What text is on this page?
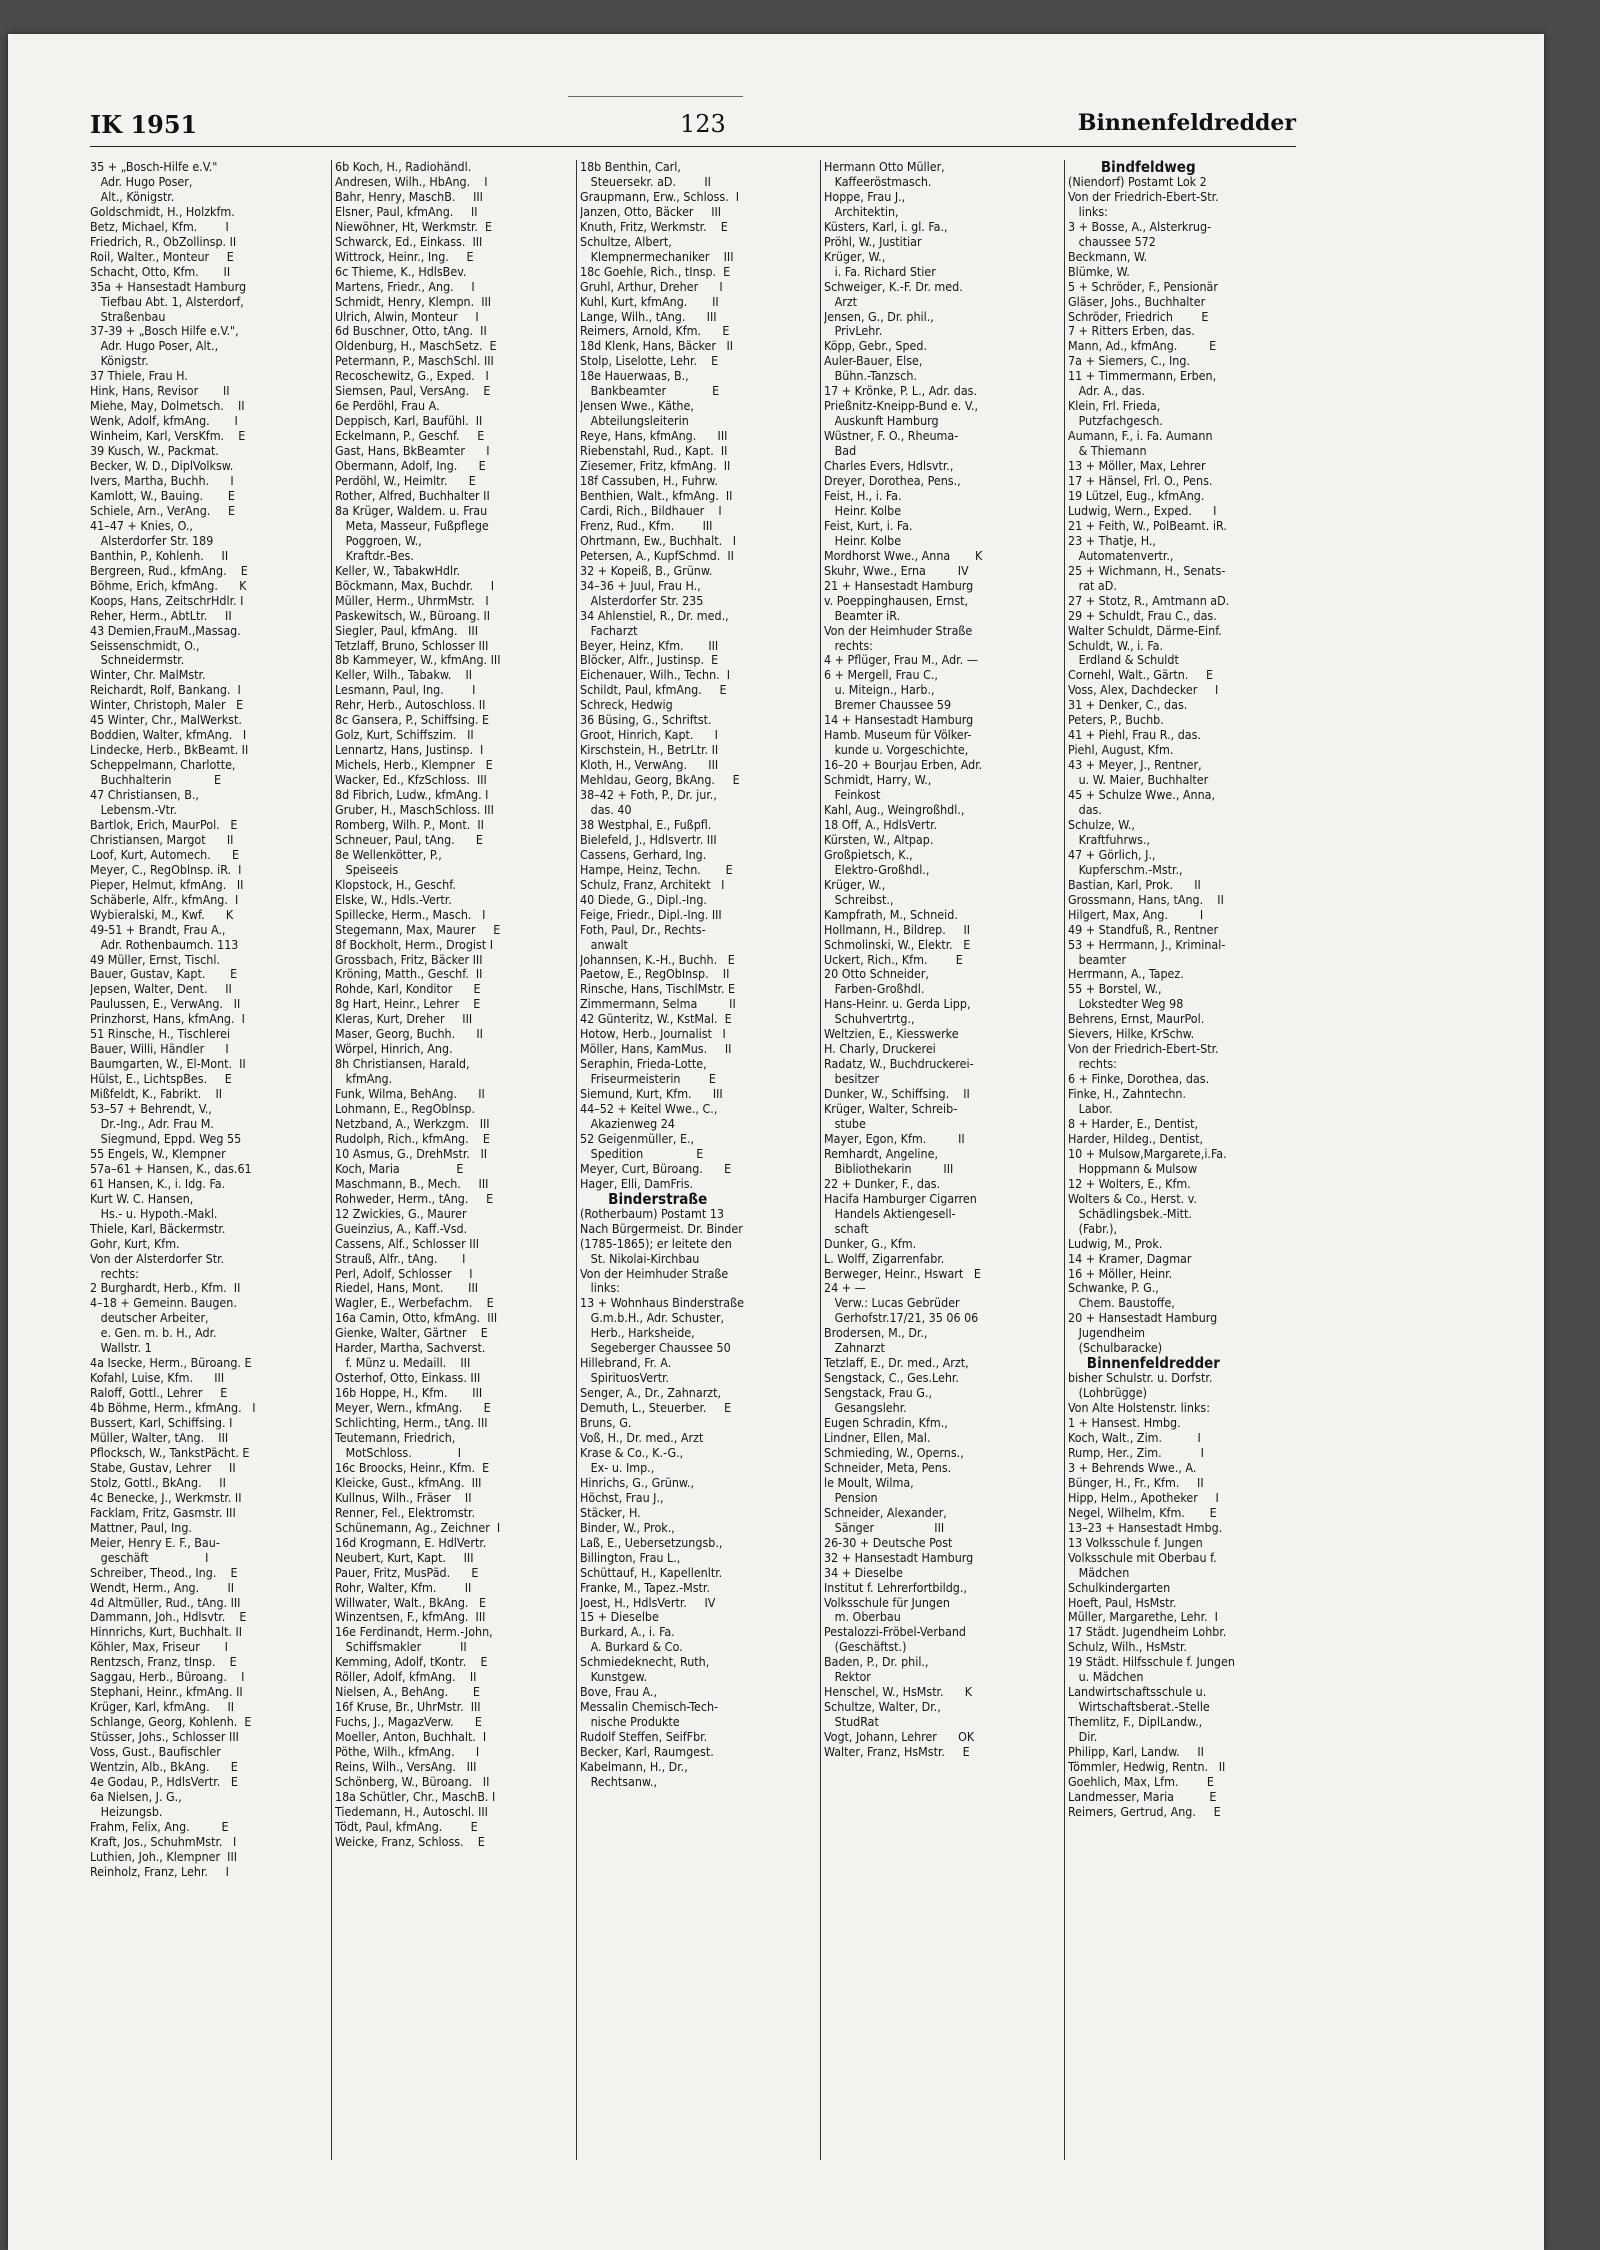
IK 1951	123	Binnenfeldredder
35 + „Bosch-Hilfe e.V."
Adr. Hugo Poser,
Alt., Königstr.
Goldschmidt, H., Holzkfm.
Betz, Michael, Kfm.        I
Friedrich, R., ObZollinsp. II
Roil, Walter., Monteur     E
Schacht, Otto, Kfm.       II
35a + Hansestadt Hamburg
Tiefbau Abt. 1, Alsterdorf,
Straßenbau
37-39 + „Bosch Hilfe e.V.",
Adr. Hugo Poser, Alt.,
Königstr.
37 Thiele, Frau H.
Hink, Hans, Revisor       II
Miehe, May, Dolmetsch.    II
Wenk, Adolf, kfmAng.       I
Winheim, Karl, VersKfm.    E
39 Kusch, W., Packmat.
Becker, W. D., DiplVolksw.
Ivers, Martha, Buchh.      I
Kamlott, W., Bauing.       E
Schiele, Arn., VerAng.     E
41–47 + Knies, O.,
Alsterdorfer Str. 189
Banthin, P., Kohlenh.     II
Bergreen, Rud., kfmAng.    E
Böhme, Erich, kfmAng.      K
Koops, Hans, ZeitschrHdlr. I
Reher, Herm., AbtLtr.     II
43 Demien,FrauM.,Massag.
Seissenschmidt, O.,
Schneidermstr.
Winter, Chr. MalMstr.
Reichardt, Rolf, Bankang.  I
Winter, Christoph, Maler   E
45 Winter, Chr., MalWerkst.
Boddien, Walter, kfmAng.   I
Lindecke, Herb., BkBeamt. II
Scheppelmann, Charlotte,
Buchhalterin            E
47 Christiansen, B.,
Lebensm.-Vtr.
Bartlok, Erich, MaurPol.   E
Christiansen, Margot      II
Loof, Kurt, Automech.      E
Meyer, C., RegOblnsp. iR.  I
Pieper, Helmut, kfmAng.   II
Schäberle, Alfr., kfmAng.  I
Wybieralski, M., Kwf.      K
49-51 + Brandt, Frau A.,
Adr. Rothenbaumch. 113
49 Müller, Ernst, Tischl.
Bauer, Gustav, Kapt.       E
Jepsen, Walter, Dent.     II
Paulussen, E., VerwAng.   II
Prinzhorst, Hans, kfmAng.  I
51 Rinsche, H., Tischlerei
Bauer, Willi, Händler      I
Baumgarten, W., El-Mont.  II
Hülst, E., LichtspBes.     E
Mißfeldt, K., Fabrikt.    II
53–57 + Behrendt, V.,
Dr.-Ing., Adr. Frau M.
Siegmund, Eppd. Weg 55
55 Engels, W., Klempner
57a–61 + Hansen, K., das.61
61 Hansen, K., i. Idg. Fa.
Kurt W. C. Hansen,
Hs.- u. Hypoth.-Makl.
Thiele, Karl, Bäckermstr.
Gohr, Kurt, Kfm.
Von der Alsterdorfer Str.
rechts:
2 Burghardt, Herb., Kfm.  II
4–18 + Gemeinn. Baugen.
deutscher Arbeiter,
e. Gen. m. b. H., Adr.
Wallstr. 1
4a Isecke, Herm., Büroang. E
Kofahl, Luise, Kfm.      III
Raloff, Gottl., Lehrer     E
4b Böhme, Herm., kfmAng.   I
Bussert, Karl, Schiffsing. I
Müller, Walter, tAng.    III
Pflocksch, W., TankstPächt. E
Stabe, Gustav, Lehrer     II
Stolz, Gottl., BkAng.     II
4c Benecke, J., Werkmstr. II
Facklam, Fritz, Gasmstr. III
Mattner, Paul, Ing.
Meier, Henry E. F., Bau-
geschäft                I
Schreiber, Theod., Ing.    E
Wendt, Herm., Ang.        II
4d Altmüller, Rud., tAng. III
Dammann, Joh., Hdlsvtr.    E
Hinnrichs, Kurt, Buchhalt. II
Köhler, Max, Friseur       I
Rentzsch, Franz, tInsp.    E
Saggau, Herb., Büroang.    I
Stephani, Heinr., kfmAng. II
Krüger, Karl, kfmAng.     II
Schlange, Georg, Kohlenh.  E
Stüsser, Johs., Schlosser III
Voss, Gust., Baufischler
Wentzin, Alb., BkAng.      E
4e Godau, P., HdlsVertr.   E
6a Nielsen, J. G.,
Heizungsb.
Frahm, Felix, Ang.         E
Kraft, Jos., SchuhmMstr.   I
Luthien, Joh., Klempner  III
Reinholz, Franz, Lehr.     I
6b Koch, H., Radiohändl.
Andresen, Wilh., HbAng.    I
Bahr, Henry, MaschB.     III
Elsner, Paul, kfmAng.     II
Niewöhner, Ht, Werkmstr.  E
Schwarck, Ed., Einkass.  III
Wittrock, Heinr., Ing.     E
6c Thieme, K., HdlsBev.
Martens, Friedr., Ang.     I
Schmidt, Henry, Klempn.  III
Ulrich, Alwin, Monteur     I
6d Buschner, Otto, tAng.  II
Oldenburg, H., MaschSetz.  E
Petermann, P., MaschSchl. III
Recoschewitz, G., Exped.   I
Siemsen, Paul, VersAng.    E
6e Perdöhl, Frau A.
Deppisch, Karl, Baufühl.  II
Eckelmann, P., Geschf.     E
Gast, Hans, BkBeamter      I
Obermann, Adolf, Ing.      E
Perdöhl, W., Heimltr.      E
Rother, Alfred, Buchhalter II
8a Krüger, Waldem. u. Frau
Meta, Masseur, Fußpflege
Poggroen, W.,
Kraftdr.-Bes.
Keller, W., TabakwHdlr.
Böckmann, Max, Buchdr.     I
Müller, Herm., UhrmMstr.   I
Paskewitsch, W., Büroang. II
Siegler, Paul, kfmAng.   III
Tetzlaff, Bruno, Schlosser III
8b Kammeyer, W., kfmAng. III
Keller, Wilh., Tabakw.    II
Lesmann, Paul, Ing.        I
Rehr, Herb., Autoschloss. II
8c Gansera, P., Schiffsing. E
Golz, Kurt, Schiffszim.   II
Lennartz, Hans, Justinsp.  I
Michels, Herb., Klempner   E
Wacker, Ed., KfzSchloss.  III
8d Fibrich, Ludw., kfmAng. I
Gruber, H., MaschSchloss. III
Romberg, Wilh. P., Mont.  II
Schneuer, Paul, tAng.      E
8e Wellenkötter, P.,
Speiseeis
Klopstock, H., Geschf.
Elske, W., Hdls.-Vertr.
Spillecke, Herm., Masch.   I
Stegemann, Max, Maurer     E
8f Bockholt, Herm., Drogist I
Grossbach, Fritz, Bäcker III
Kröning, Matth., Geschf.  II
Rohde, Karl, Konditor      E
8g Hart, Heinr., Lehrer    E
Kleras, Kurt, Dreher     III
Maser, Georg, Buchh.      II
Wörpel, Hinrich, Ang.
8h Christiansen, Harald,
kfmAng.
Funk, Wilma, BehAng.      II
Lohmann, E., RegOblnsp.
Netzband, A., Werkzgm.   III
Rudolph, Rich., kfmAng.    E
10 Asmus, G., DrehMstr.   II
Koch, Maria                E
Maschmann, B., Mech.     III
Rohweder, Herm., tAng.     E
12 Zwickies, G., Maurer
Gueinzius, A., Kaff.-Vsd.
Cassens, Alf., Schlosser III
Strauß, Alfr., tAng.       I
Perl, Adolf, Schlosser     I
Riedel, Hans, Mont.       III
Wagler, E., Werbefachm.    E
16a Camin, Otto, kfmAng.  III
Gienke, Walter, Gärtner    E
Harder, Martha, Sachverst.
f. Münz u. Medaill.    III
Osterhof, Otto, Einkass. III
16b Hoppe, H., Kfm.       III
Meyer, Wern., kfmAng.      E
Schlichting, Herm., tAng. III
Teutemann, Friedrich,
MotSchloss.             I
16c Broocks, Heinr., Kfm.  E
Kleicke, Gust., kfmAng.  III
Kullnus, Wilh., Fräser    II
Renner, Fel., Elektromstr.
Schünemann, Ag., Zeichner  I
16d Krogmann, E. HdlVertr.
Neubert, Kurt, Kapt.     III
Pauer, Fritz, MusPäd.      E
Rohr, Walter, Kfm.        II
Willwater, Walt., BkAng.   E
Winzentsen, F., kfmAng.  III
16e Ferdinandt, Herm.-John,
Schiffsmakler           II
Kemming, Adolf, tKontr.    E
Röller, Adolf, kfmAng.    II
Nielsen, A., BehAng.       E
16f Kruse, Br., UhrMstr.  III
Fuchs, J., MagazVerw.      E
Moeller, Anton, Buchhalt.  I
Pöthe, Wilh., kfmAng.      I
Reins, Wilh., VersAng.   III
Schönberg, W., Büroang.   II
18a Schütler, Chr., MaschB. I
Tiedemann, H., Autoschl. III
Tödt, Paul, kfmAng.        E
Weicke, Franz, Schloss.    E
18b Benthin, Carl,
Steuersekr. aD.        II
Graupmann, Erw., Schloss.  I
Janzen, Otto, Bäcker     III
Knuth, Fritz, Werkmstr.    E
Schultze, Albert,
Klempnermechaniker    III
18c Goehle, Rich., tInsp.  E
Gruhl, Arthur, Dreher      I
Kuhl, Kurt, kfmAng.       II
Lange, Wilh., tAng.      III
Reimers, Arnold, Kfm.      E
18d Klenk, Hans, Bäcker   II
Stolp, Liselotte, Lehr.    E
18e Hauerwaas, B.,
Bankbeamter             E
Jensen Wwe., Käthe,
Abteilungsleiterin
Reye, Hans, kfmAng.      III
Riebenstahl, Rud., Kapt.  II
Ziesemer, Fritz, kfmAng.  II
18f Cassuben, H., Fuhrw.
Benthien, Walt., kfmAng.  II
Cardi, Rich., Bildhauer    I
Frenz, Rud., Kfm.        III
Ohrtmann, Ew., Buchhalt.   I
Petersen, A., KupfSchmd.  II
32 + Kopeiß, B., Grünw.
34–36 + Juul, Frau H.,
Alsterdorfer Str. 235
34 Ahlenstiel, R., Dr. med.,
Facharzt
Beyer, Heinz, Kfm.       III
Blöcker, Alfr., Justinsp.  E
Eichenauer, Wilh., Techn.  I
Schildt, Paul, kfmAng.     E
Schreck, Hedwig
36 Büsing, G., Schriftst.
Groot, Hinrich, Kapt.      I
Kirschstein, H., BetrLtr. II
Kloth, H., VerwAng.      III
Mehldau, Georg, BkAng.     E
38–42 + Foth, P., Dr. jur.,
das. 40
38 Westphal, E., Fußpfl.
Bielefeld, J., Hdlsvertr. III
Cassens, Gerhard, Ing.
Hampe, Heinz, Techn.       E
Schulz, Franz, Architekt   I
40 Diede, G., Dipl.-Ing.
Feige, Friedr., Dipl.-Ing. III
Foth, Paul, Dr., Rechts-
anwalt
Johannsen, K.-H., Buchh.   E
Paetow, E., RegObInsp.    II
Rinsche, Hans, TischlMstr. E
Zimmermann, Selma         II
42 Günteritz, W., KstMal.  E
Hotow, Herb., Journalist   I
Möller, Hans, KamMus.     II
Seraphin, Frieda-Lotte,
Friseurmeisterin        E
Siemund, Kurt, Kfm.      III
44–52 + Keitel Wwe., C.,
Akazienweg 24
52 Geigenmüller, E.,
Spedition               E
Meyer, Curt, Büroang.      E
Hager, Elli, DamFris.
Binderstraße
(Rotherbaum) Postamt 13
Nach Bürgermeist. Dr. Binder
(1785-1865); er leitete den
St. Nikolai-Kirchbau
Von der Heimhuder Straße
links:
13 + Wohnhaus Binderstraße
G.m.b.H., Adr. Schuster,
Herb., Harksheide,
Segeberger Chaussee 50
Hillebrand, Fr. A.
SpirituosVertr.
Senger, A., Dr., Zahnarzt,
Demuth, L., Steuerber.     E
Bruns, G.
Voß, H., Dr. med., Arzt
Krase & Co., K.-G.,
Ex- u. Imp.,
Hinrichs, G., Grünw.,
Höchst, Frau J.,
Stäcker, H.
Binder, W., Prok.,
Laß, E., Uebersetzungsb.,
Billington, Frau L.,
Schüttauf, H., Kapellenltr.
Franke, M., Tapez.-Mstr.
Joest, H., HdlsVertr.     IV
15 + Dieselbe
Burkard, A., i. Fa.
A. Burkard & Co.
Schmiedeknecht, Ruth,
Kunstgew.
Bove, Frau A.,
Messalin Chemisch-Tech-
nische Produkte
Rudolf Steffen, SeifFbr.
Becker, Karl, Raumgest.
Kabelmann, H., Dr.,
Rechtsanw.,
Hermann Otto Müller,
Kaffeeröstmasch.
Hoppe, Frau J.,
Architektin,
Küsters, Karl, i. gl. Fa.,
Pröhl, W., Justitiar
Krüger, W.,
i. Fa. Richard Stier
Schweiger, K.-F. Dr. med.
Arzt
Jensen, G., Dr. phil.,
PrivLehr.
Köpp, Gebr., Sped.
Auler-Bauer, Else,
Bühn.-Tanzsch.
17 + Krönke, P. L., Adr. das.
Prießnitz-Kneipp-Bund e. V.,
Auskunft Hamburg
Wüstner, F. O., Rheuma-
Bad
Charles Evers, Hdlsvtr.,
Dreyer, Dorothea, Pens.,
Feist, H., i. Fa.
Heinr. Kolbe
Feist, Kurt, i. Fa.
Heinr. Kolbe
Mordhorst Wwe., Anna       K
Skuhr, Wwe., Erna         IV
21 + Hansestadt Hamburg
v. Poeppinghausen, Ernst,
Beamter iR.
Von der Heimhuder Straße
rechts:
4 + Pflüger, Frau M., Adr. —
6 + Mergell, Frau C.,
u. Miteign., Harb.,
Bremer Chaussee 59
14 + Hansestadt Hamburg
Hamb. Museum für Völker-
kunde u. Vorgeschichte,
16–20 + Bourjau Erben, Adr.
Schmidt, Harry, W.,
Feinkost
Kahl, Aug., Weingroßhdl.,
18 Off, A., HdlsVertr.
Kürsten, W., Altpap.
Großpietsch, K.,
Elektro-Großhdl.,
Krüger, W.,
Schreibst.,
Kampfrath, M., Schneid.
Hollmann, H., Bildrep.     II
Schmolinski, W., Elektr.   E
Uckert, Rich., Kfm.        E
20 Otto Schneider,
Farben-Großhdl.
Hans-Heinr. u. Gerda Lipp,
Schuhvertrtg.,
Weltzien, E., Kiesswerke
H. Charly, Druckerei
Radatz, W., Buchdruckerei-
besitzer
Dunker, W., Schiffsing.    II
Krüger, Walter, Schreib-
stube
Mayer, Egon, Kfm.         II
Remhardt, Angeline,
Bibliothekarin         III
22 + Dunker, F., das.
Hacifa Hamburger Cigarren
Handels Aktiengesell-
schaft
Dunker, G., Kfm.
L. Wolff, Zigarrenfabr.
Berweger, Heinr., Hswart   E
24 + —
Verw.: Lucas Gebrüder
Gerhofstr.17/21, 35 06 06
Brodersen, M., Dr.,
Zahnarzt
Tetzlaff, E., Dr. med., Arzt,
Sengstack, C., Ges.Lehr.
Sengstack, Frau G.,
Gesangslehr.
Eugen Schradin, Kfm.,
Lindner, Ellen, Mal.
Schmieding, W., Operns.,
Schneider, Meta, Pens.
le Moult, Wilma,
Pension
Schneider, Alexander,
Sänger                 III
26-30 + Deutsche Post
32 + Hansestadt Hamburg
34 + Dieselbe
Institut f. Lehrerfortbildg.,
Volksschule für Jungen
m. Oberbau
Pestalozzi-Fröbel-Verband
(Geschäftst.)
Baden, P., Dr. phil.,
Rektor
Henschel, W., HsMstr.      K
Schultze, Walter, Dr.,
StudRat
Vogt, Johann, Lehrer      OK
Walter, Franz, HsMstr.     E
Bindfeldweg
(Niendorf) Postamt Lok 2
Von der Friedrich-Ebert-Str.
links:
3 + Bosse, A., Alsterkrug-
chaussee 572
Beckmann, W.
Blümke, W.
5 + Schröder, F., Pensionär
Gläser, Johs., Buchhalter
Schröder, Friedrich        E
7 + Ritters Erben, das.
Mann, Ad., kfmAng.         E
7a + Siemers, C., Ing.
11 + Timmermann, Erben,
Adr. A., das.
Klein, Frl. Frieda,
Putzfachgesch.
Aumann, F., i. Fa. Aumann
& Thiemann
13 + Möller, Max, Lehrer
17 + Hänsel, Frl. O., Pens.
19 Lützel, Eug., kfmAng.
Ludwig, Wern., Exped.      I
21 + Feith, W., PolBeamt. iR.
23 + Thatje, H.,
Automatenvertr.,
25 + Wichmann, H., Senats-
rat aD.
27 + Stotz, R., Amtmann aD.
29 + Schuldt, Frau C., das.
Walter Schuldt, Därme-Einf.
Schuldt, W., i. Fa.
Erdland & Schuldt
Cornehl, Walt., Gärtn.     E
Voss, Alex, Dachdecker     I
31 + Denker, C., das.
Peters, P., Buchb.
41 + Piehl, Frau R., das.
Piehl, August, Kfm.
43 + Meyer, J., Rentner,
u. W. Maier, Buchhalter
45 + Schulze Wwe., Anna,
das.
Schulze, W.,
Kraftfuhrws.,
47 + Görlich, J.,
Kupferschm.-Mstr.,
Bastian, Karl, Prok.      II
Grossmann, Hans, tAng.    II
Hilgert, Max, Ang.         I
49 + Standfuß, R., Rentner
53 + Herrmann, J., Kriminal-
beamter
Herrmann, A., Tapez.
55 + Borstel, W.,
Lokstedter Weg 98
Behrens, Ernst, MaurPol.
Sievers, Hilke, KrSchw.
Von der Friedrich-Ebert-Str.
rechts:
6 + Finke, Dorothea, das.
Finke, H., Zahntechn.
Labor.
8 + Harder, E., Dentist,
Harder, Hildeg., Dentist,
10 + Mulsow,Margarete,i.Fa.
Hoppmann & Mulsow
12 + Wolters, E., Kfm.
Wolters & Co., Herst. v.
Schädlingsbek.-Mitt.
(Fabr.),
Ludwig, M., Prok.
14 + Kramer, Dagmar
16 + Möller, Heinr.
Schwanke, P. G.,
Chem. Baustoffe,
20 + Hansestadt Hamburg
Jugendheim
(Schulbaracke)
Binnenfeldredder
bisher Schulstr. u. Dorfstr.
(Lohbrügge)
Von Alte Holstenstr. links:
1 + Hansest. Hmbg.
Koch, Walt., Zim.          I
Rump, Her., Zim.           I
3 + Behrends Wwe., A.
Bünger, H., Fr., Kfm.     II
Hipp, Helm., Apotheker     I
Negel, Wilhelm, Kfm.       E
13–23 + Hansestadt Hmbg.
13 Volksschule f. Jungen
Volksschule mit Oberbau f.
Mädchen
Schulkindergarten
Hoeft, Paul, HsMstr.
Müller, Margarethe, Lehr.  I
17 Städt. Jugendheim Lohbr.
Schulz, Wilh., HsMstr.
19 Städt. Hilfsschule f. Jungen
u. Mädchen
Landwirtschaftsschule u.
Wirtschaftsberat.-Stelle
Themlitz, F., DiplLandw.,
Dir.
Philipp, Karl, Landw.     II
Tömmler, Hedwig, Rentn.   II
Goehlich, Max, Lfm.        E
Landmesser, Maria          E
Reimers, Gertrud, Ang.     E
